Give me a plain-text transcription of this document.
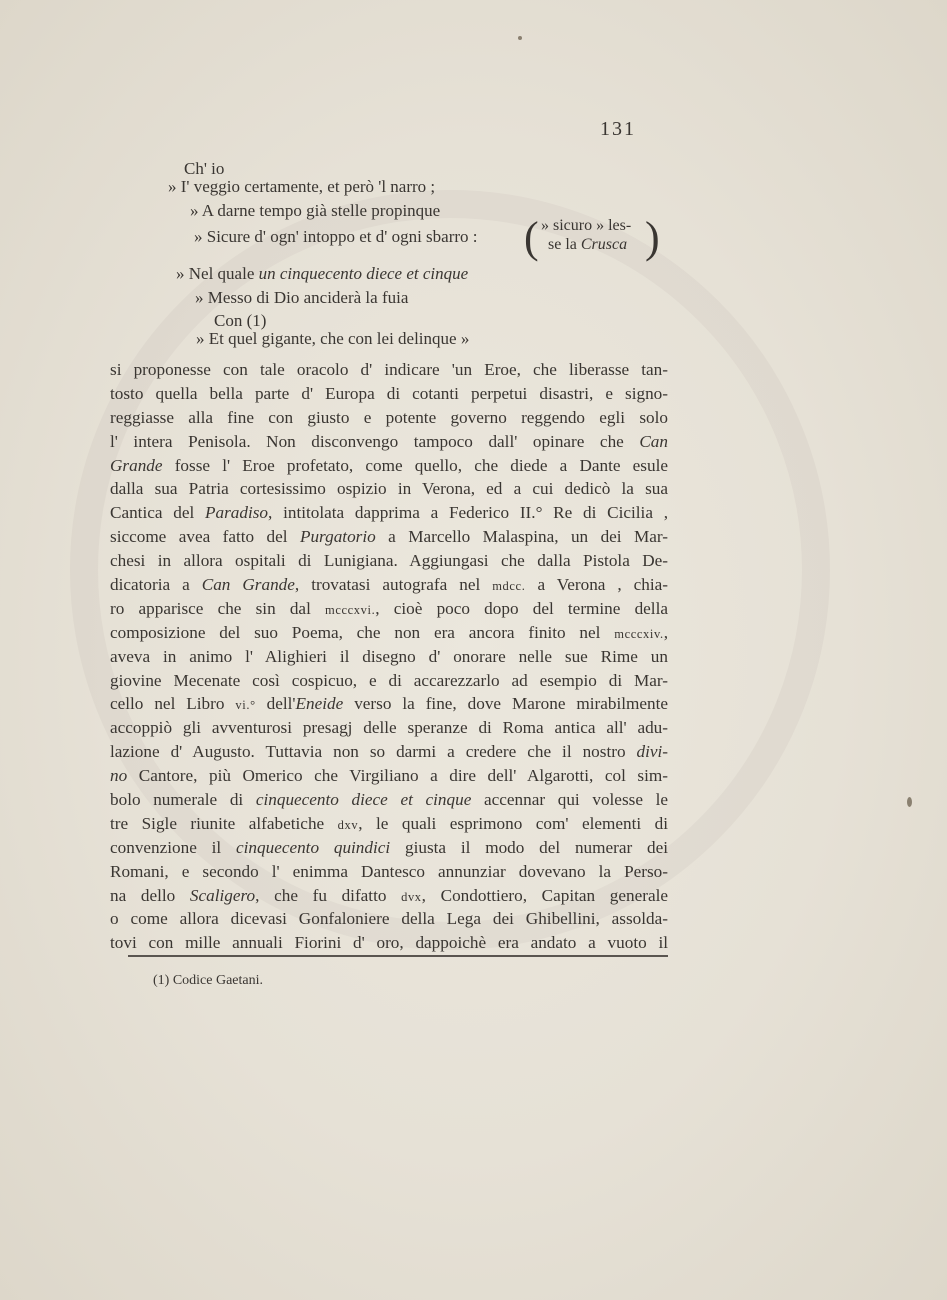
131
Ch' io
» I' veggio certamente, et però 'l narro ;
» A darne tempo già stelle propinque
» Sicure d' ogn' intoppo et d' ogni sbarro : ( » sicuro » les-
se la Crusca )
» Nel quale un cinquecento diece et cinque
» Messo di Dio anciderà la fuia
Con (1)
» Et quel gigante, che con lei delinque »
si proponesse con tale oracolo d' indicare 'un Eroe, che liberasse tan-
tosto quella bella parte d' Europa di cotanti perpetui disastri, e signo-
reggiasse alla fine con giusto e potente governo reggendo egli solo
l' intera Penisola. Non disconvengo tampoco dall' opinare che Can
Grande fosse l' Eroe profetato, come quello, che diede a Dante esule
dalla sua Patria cortesissimo ospizio in Verona, ed a cui dedicò la sua
Cantica del Paradiso, intitolata dapprima a Federico II.° Re di Cicilia ,
siccome avea fatto del Purgatorio a Marcello Malaspina, un dei Mar-
chesi in allora ospitali di Lunigiana. Aggiungasi che dalla Pistola De-
dicatoria a Can Grande, trovatasi autografa nel mdcc. a Verona , chia-
ro apparisce che sin dal mcccxvi., cioè poco dopo del termine della
composizione del suo Poema, che non era ancora finito nel mcccxiv.,
aveva in animo l' Alighieri il disegno d' onorare nelle sue Rime un
giovine Mecenate così cospicuo, e di accarezzarlo ad esempio di Mar-
cello nel Libro vi.° dell'Eneide verso la fine, dove Marone mirabilmente
accoppiò gli avventurosi presagj delle speranze di Roma antica all' adu-
lazione d' Augusto. Tuttavia non so darmi a credere che il nostro divi-
no Cantore, più Omerico che Virgiliano a dire dell' Algarotti, col sim-
bolo numerale di cinquecento diece et cinque accennar qui volesse le
tre Sigle riunite alfabetiche dxv, le quali esprimono com' elementi di
convenzione il cinquecento quindici giusta il modo del numerar dei
Romani, e secondo l' enimma Dantesco annunziar dovevano la Perso-
na dello Scaligero, che fu difatto dvx, Condottiero, Capitan generale
o come allora dicevasi Gonfaloniere della Lega dei Ghibellini, assolda-
tovi con mille annuali Fiorini d' oro, dappoichè era andato a vuoto il
(1) Codice Gaetani.
